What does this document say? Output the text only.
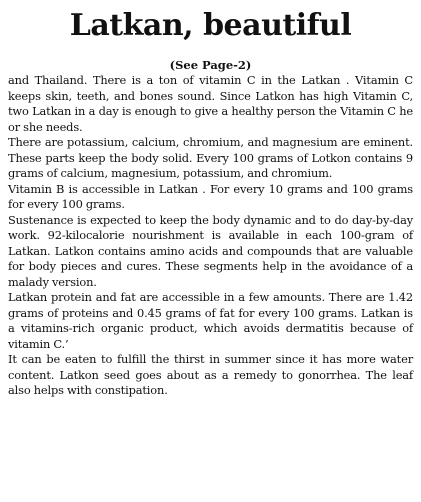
Latkan, beautiful
(See Page-2)

and Thailand. There is a ton of vitamin C in the Latkan . Vitamin C keeps skin, teeth, and bones sound. Since Latkon has high Vitamin C, two Latkan in a day is enough to give a healthy person the Vitamin C he or she needs.

There are potassium, calcium, chromium, and magnesium are eminent. These parts keep the body solid. Every 100 grams of Lotkon contains 9 grams of calcium, magnesium, potassium, and chromium.

Vitamin B is accessible in Latkan . For every 10 grams and 100 grams for every 100 grams.

Sustenance is expected to keep the body dynamic and to do day-by-day work. 92-kilocalorie nourishment is available in each 100-gram of Latkan. Latkon contains amino acids and compounds that are valuable for body pieces and cures. These segments help in the avoidance of a malady version.

Latkan protein and fat are accessible in a few amounts. There are 1.42 grams of proteins and 0.45 grams of fat for every 100 grams. Latkan is a vitamins-rich organic product, which avoids dermatitis because of vitamin C.’

It can be eaten to fulfill the thirst in summer since it has more water content. Latkon seed goes about as a remedy to gonorrhea. The leaf also helps with constipation.
